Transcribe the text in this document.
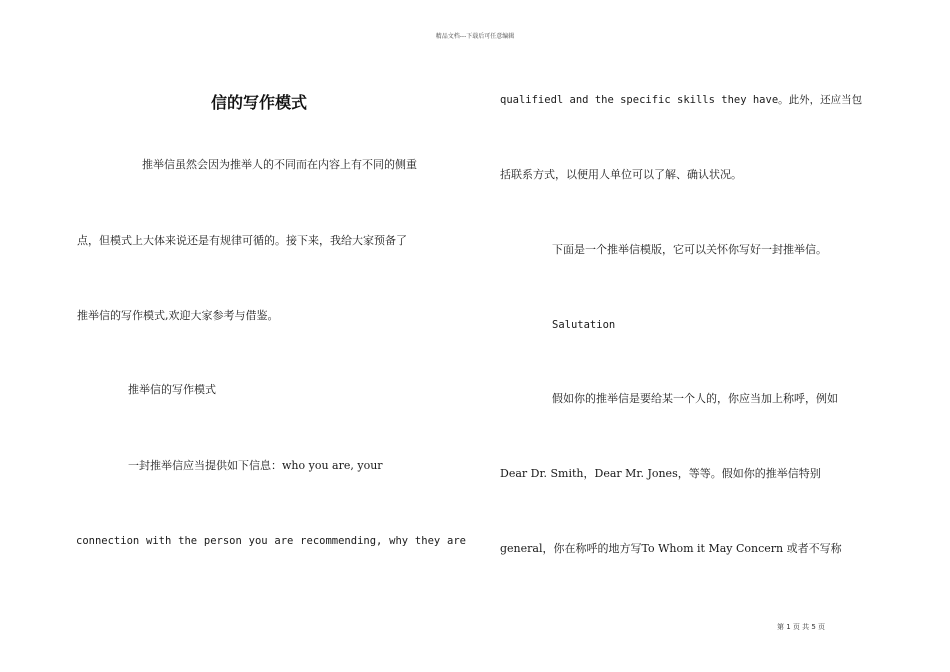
精品文档---下载后可任意编辑
信的写作模式
推举信虽然会因为推举人的不同而在内容上有不同的侧重
点，但模式上大体来说还是有规律可循的。接下来，我给大家预备了
推举信的写作模式,欢迎大家参考与借鉴。
推举信的写作模式
一封推举信应当提供如下信息：who you are, your
connection with the person you are recommending, why they are
qualifiedl and the specific skills they have。此外，还应当包
括联系方式，以便用人单位可以了解、确认状况。
下面是一个推举信模版，它可以关怀你写好一封推举信。
Salutation
假如你的推举信是要给某一个人的，你应当加上称呼，例如
Dear Dr. Smith，Dear Mr. Jones，等等。假如你的推举信特别
general，你在称呼的地方写To Whom it May Concern 或者不写称
第 1 页 共 5 页
